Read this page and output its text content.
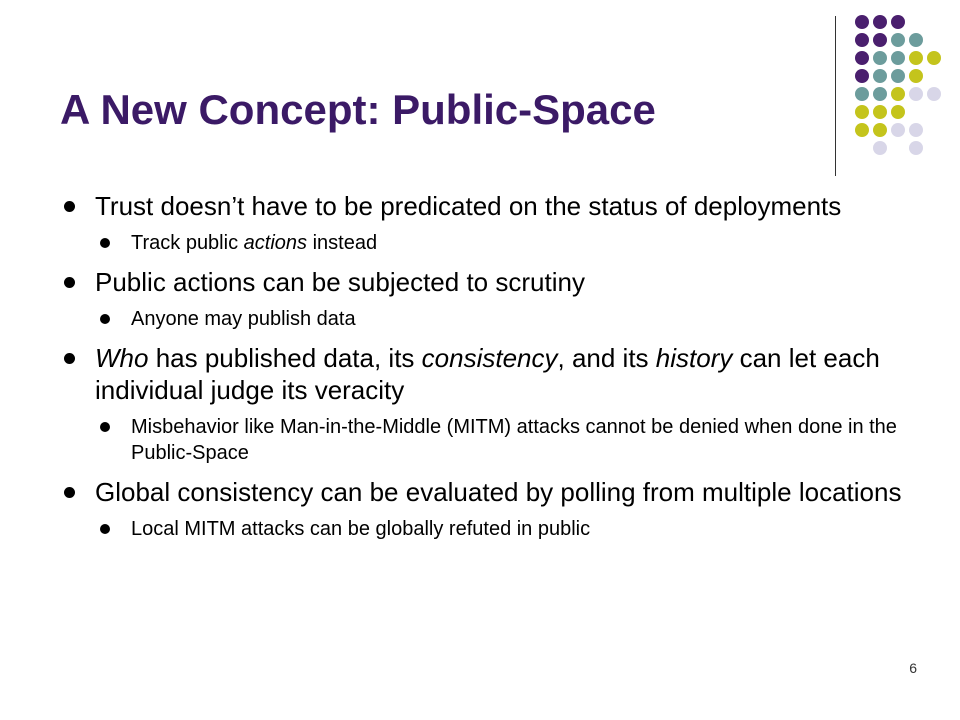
A New Concept: Public-Space
Trust doesn’t have to be predicated on the status of deployments
Track public actions instead
Public actions can be subjected to scrutiny
Anyone may publish data
Who has published data, its consistency, and its history can let each individual judge its veracity
Misbehavior like Man-in-the-Middle (MITM) attacks cannot be denied when done in the Public-Space
Global consistency can be evaluated by polling from multiple locations
Local MITM attacks can be globally refuted in public
6
